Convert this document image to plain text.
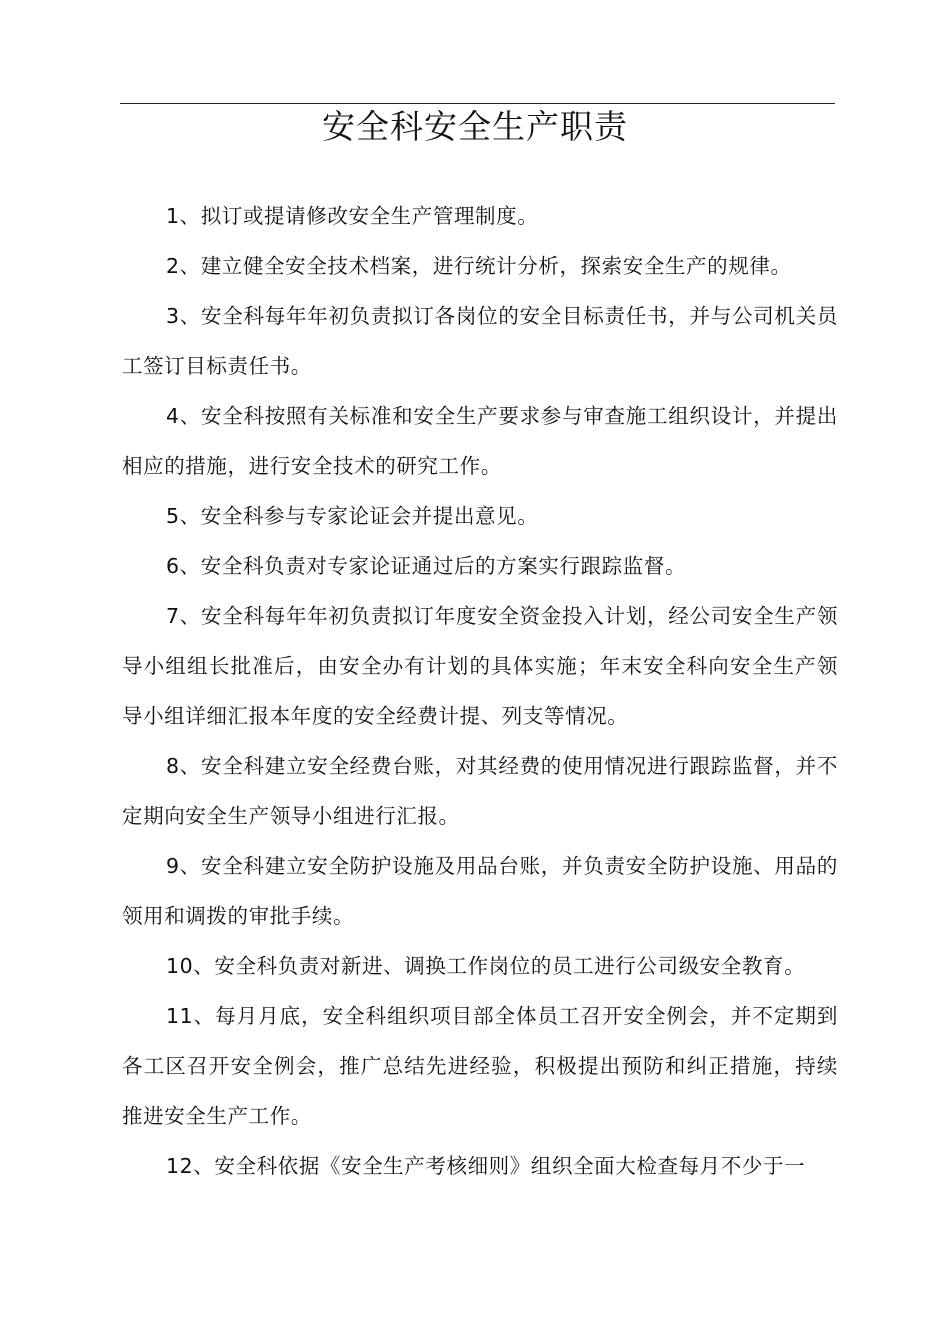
安全科安全生产职责

1、拟订或提请修改安全生产管理制度。

2、建立健全安全技术档案，进行统计分析，探索安全生产的规律。

3、安全科每年年初负责拟订各岗位的安全目标责任书，并与公司机关员工签订目标责任书。

4、安全科按照有关标准和安全生产要求参与审查施工组织设计，并提出相应的措施，进行安全技术的研究工作。

5、安全科参与专家论证会并提出意见。

6、安全科负责对专家论证通过后的方案实行跟踪监督。

7、安全科每年年初负责拟订年度安全资金投入计划，经公司安全生产领导小组组长批准后，由安全办有计划的具体实施；年末安全科向安全生产领导小组详细汇报本年度的安全经费计提、列支等情况。

8、安全科建立安全经费台账，对其经费的使用情况进行跟踪监督，并不定期向安全生产领导小组进行汇报。

9、安全科建立安全防护设施及用品台账，并负责安全防护设施、用品的领用和调拨的审批手续。

10、安全科负责对新进、调换工作岗位的员工进行公司级安全教育。

11、每月月底，安全科组织项目部全体员工召开安全例会，并不定期到各工区召开安全例会，推广总结先进经验，积极提出预防和纠正措施，持续推进安全生产工作。

12、安全科依据《安全生产考核细则》组织全面大检查每月不少于一
